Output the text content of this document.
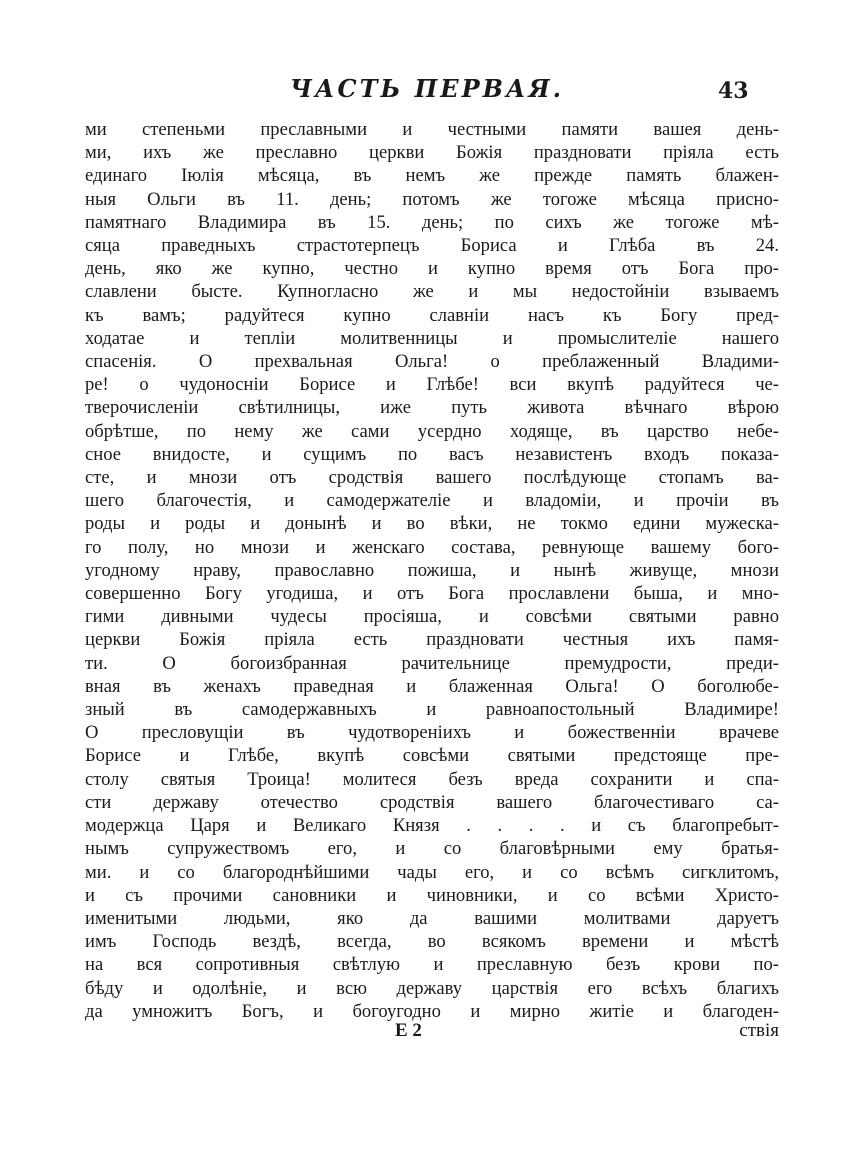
ЧАСТЬ ПЕРВАЯ.	43
ми степеньми преславными и честными памяти вашея день-
ми, ихъ же преславно церкви Божія праздновати пріяла есть
единаго Іюлія мѣсяца, въ немъ же прежде память блажен-
ныя Ольги въ 11. день; потомъ же тогоже мѣсяца присно-
памятнаго Владимира въ 15. день; по сихъ же тогоже мѣ-
сяца праведныхъ страстотерпецъ Бориса и Глѣба въ 24.
день, яко же купно, честно и купно время отъ Бога про-
славлени бысте. Купногласно же и мы недостойніи взываемъ
къ вамъ; радуйтеся купно славніи насъ къ Богу пред-
ходатае и тепліи молитвенницы и промыслителіе нашего
спасенія. О прехвальная Ольга! о преблаженный Владими-
ре! о чудоносніи Борисе и Глѣбе! вси вкупѣ радуйтеся че-
тверочисленіи свѣтилницы, иже путь живота вѣчнаго вѣрою
обрѣтше, по нему же сами усердно ходяще, въ царство небе-
сное внидосте, и сущимъ по васъ независтенъ входъ показа-
сте, и мнози отъ сродствія вашего послѣдующе стопамъ ва-
шего благочестія, и самодержателіе и владоміи, и прочіи въ
роды и роды и донынѣ и во вѣки, не токмо едини мужеска-
го полу, но мнози и женскаго состава, ревнующе вашему бого-
угодному нраву, православно пожиша, и нынѣ живуще, мнози
совершенно Богу угодиша, и отъ Бога прославлени быша, и мно-
гими дивными чудесы просіяша, и совсѣми святыми равно
церкви Божія пріяла есть праздновати честныя ихъ памя-
ти. О богоизбранная рачительнице премудрости, преди-
вная въ женахъ праведная и блаженная Ольга! О боголюбе-
зный въ самодержавныхъ и равноапостольный Владимире!
О пресловущіи въ чудотвореніихъ и божественніи врачеве
Борисе и Глѣбе, вкупѣ совсѣми святыми предстояще пре-
столу святыя Троица! молитеся безъ вреда сохранити и спа-
сти державу отечество сродствія вашего благочестиваго са-
модержца Царя и Великаго Князя . . . . и съ благопребыт-
нымъ супружествомъ его, и со благовѣрными ему братья-
ми. и со благороднѣйшими чады его, и со всѣмъ сигклитомъ,
и съ прочими сановники и чиновники, и со всѣми Христо-
именитыми людьми, яко да вашими молитвами даруетъ
имъ Господь вездѣ, всегда, во всякомъ времени и мѣстѣ
на вся сопротивныя свѣтлую и преславную безъ крови по-
бѣду и одолѣніе, и всю державу царствія его всѣхъ благихъ
да умножитъ Богъ, и богоугодно и мирно житіе и благоден-
Е 2	ствія
